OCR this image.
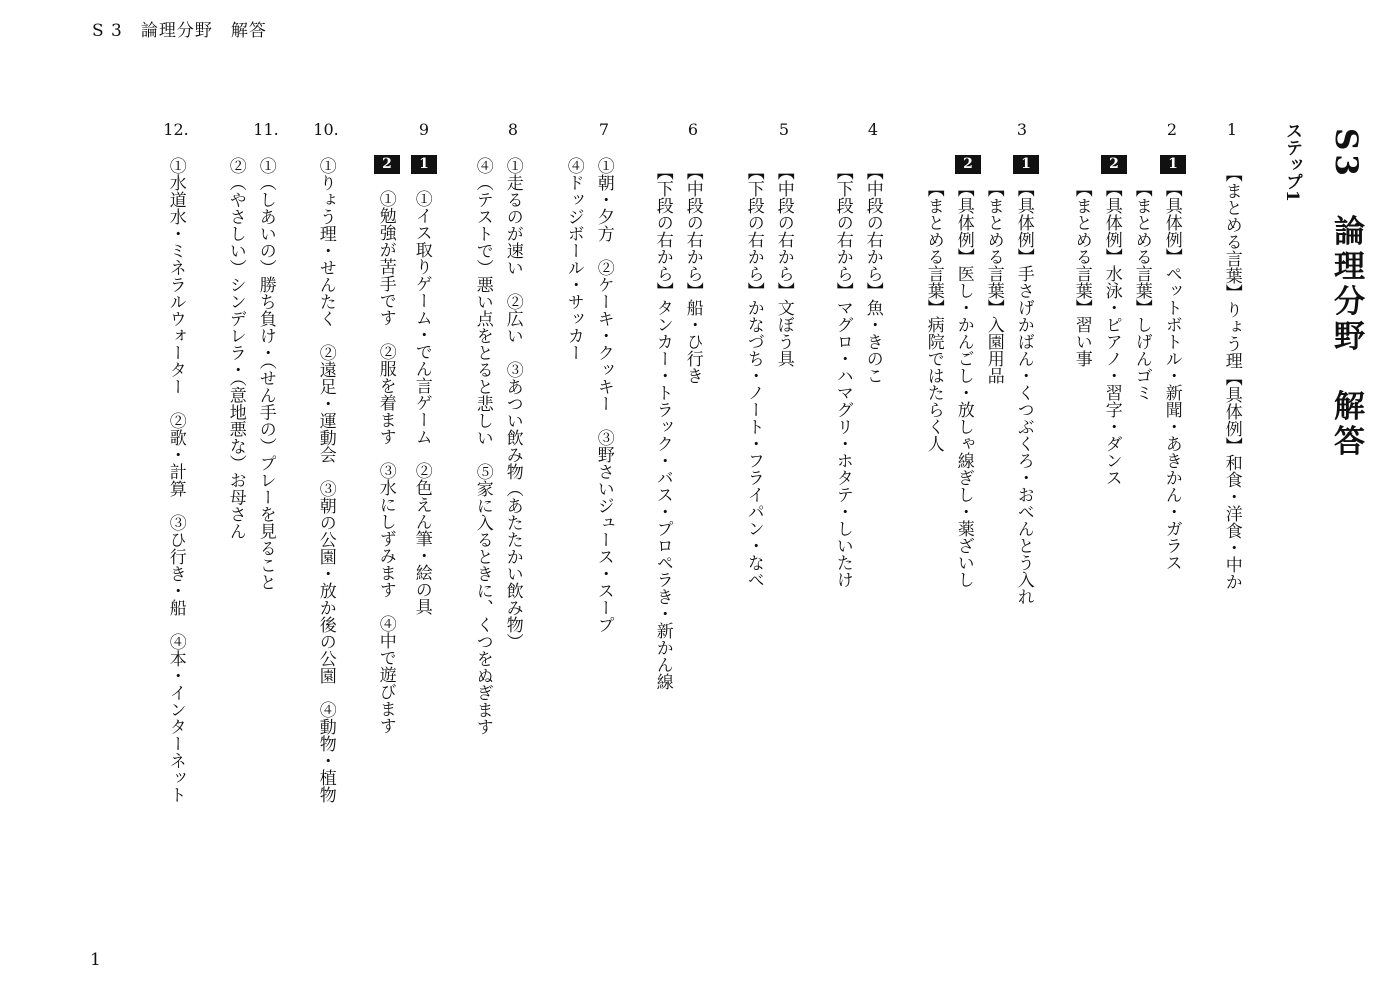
S 3　論理分野　解答
S3　論理分野　解答
ステップ1
1
【まとめる言葉】りょう理【具体例】和食・洋食・中か
2
1
2
【具体例】ペットボトル・新聞・あきかん・ガラス
【まとめる言葉】しげんゴミ
【具体例】水泳・ピアノ・習字・ダンス
【まとめる言葉】習い事
3
1
2
【具体例】手さげかばん・くつぶくろ・おべんとう入れ
【まとめる言葉】入園用品
【具体例】医し・かんごし・放しゃ線ぎし・薬ざいし
【まとめる言葉】病院ではたらく人
4
【中段の右から】魚・きのこ
【下段の右から】マグロ・ハマグリ・ホタテ・しいたけ
5
【中段の右から】文ぼう具
【下段の右から】かなづち・ノート・フライパン・なべ
6
【中段の右から】船・ひ行き
【下段の右から】タンカー・トラック・バス・プロペラき・新かん線
7
①朝・夕方　②ケーキ・クッキー　③野さいジュース・スープ
④ドッジボール・サッカー
8
①走るのが速い　②広い　③あつい飲み物（あたたかい飲み物）
④（テストで）悪い点をとると悲しい　⑤家に入るときに、くつをぬぎます
9
1
2
①イス取りゲーム・でん言ゲーム　②色えん筆・絵の具
①勉強が苦手です　②服を着ます　③水にしずみます　④中で遊びます
10.
①りょう理・せんたく　②遠足・運動会　③朝の公園・放か後の公園　④動物・植物
11.
①（しあいの）勝ち負け・（せん手の）プレーを見ること
②（やさしい）シンデレラ・（意地悪な）お母さん
12.
①水道水・ミネラルウォーター　②歌・計算　③ひ行き・船　④本・インターネット
1
